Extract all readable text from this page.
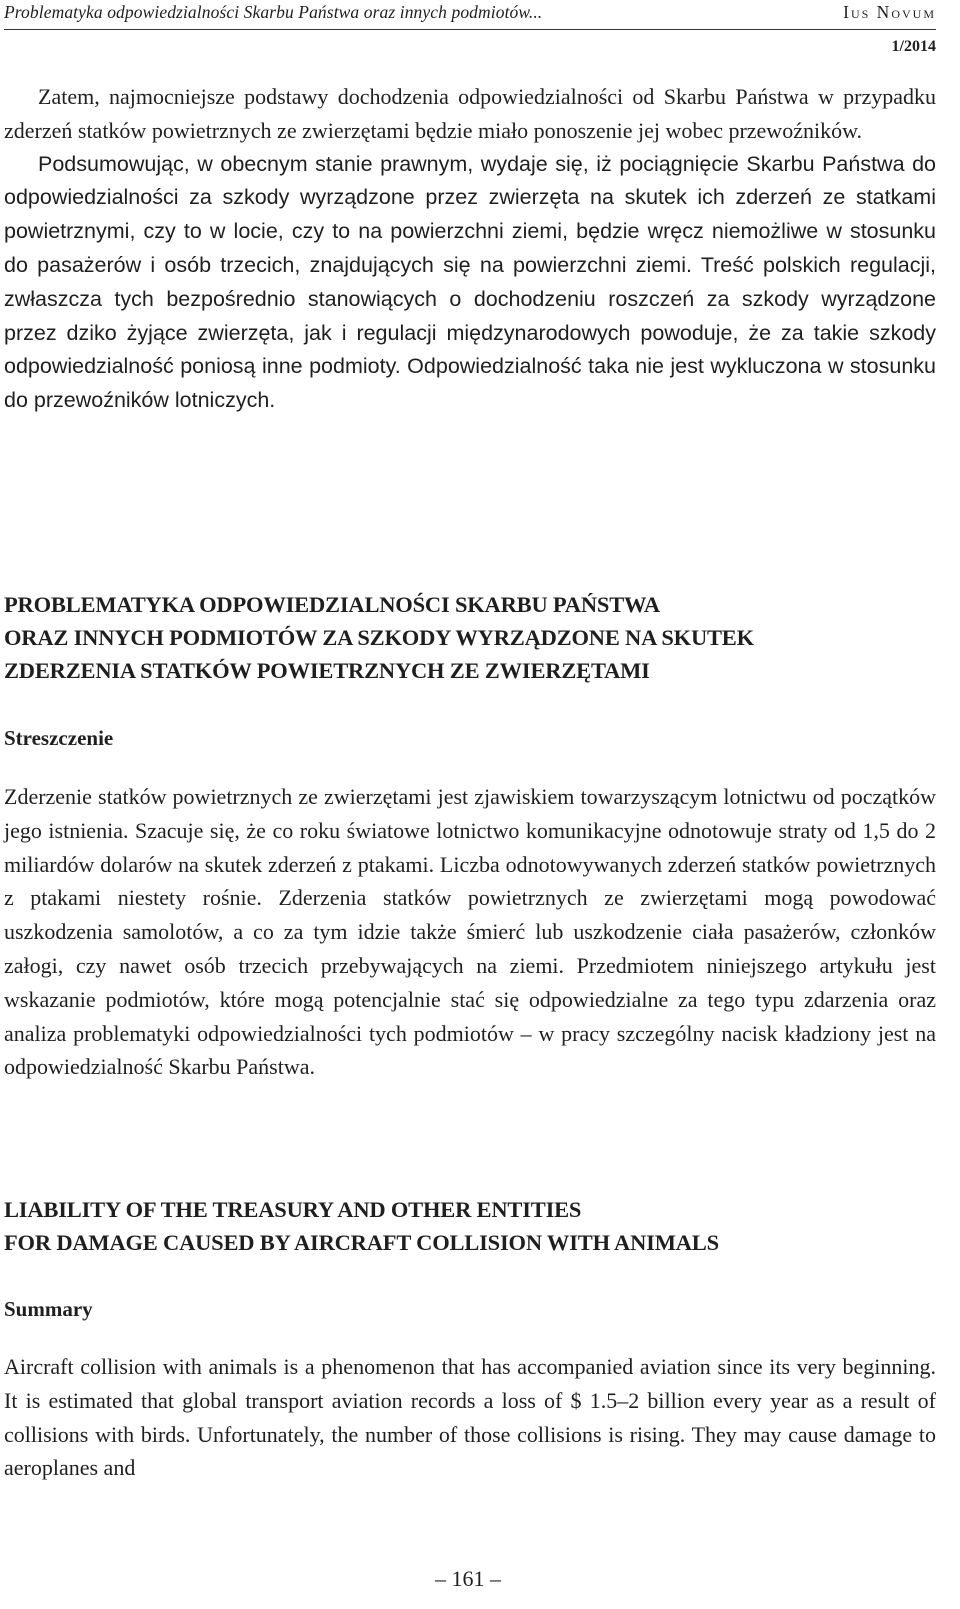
Problematyka odpowiedzialności Skarbu Państwa oraz innych podmiotów...	Ius Novum
1/2014

Zatem, najmocniejsze podstawy dochodzenia odpowiedzialności od Skarbu Państwa w przypadku zderzeń statków powietrznych ze zwierzętami będzie miało ponoszenie jej wobec przewoźników.

Podsumowując, w obecnym stanie prawnym, wydaje się, iż pociągnięcie Skarbu Państwa do odpowiedzialności za szkody wyrządzone przez zwierzęta na skutek ich zderzeń ze statkami powietrznymi, czy to w locie, czy to na powierzchni ziemi, będzie wręcz niemożliwe w stosunku do pasażerów i osób trzecich, znajdujących się na powierzchni ziemi. Treść polskich regulacji, zwłaszcza tych bezpośrednio stanowiących o dochodzeniu roszczeń za szkody wyrządzone przez dziko żyjące zwierzęta, jak i regulacji międzynarodowych powoduje, że za takie szkody odpowiedzialność poniosą inne podmioty. Odpowiedzialność taka nie jest wykluczona w stosunku do przewoźników lotniczych.

PROBLEMATYKA ODPOWIEDZIALNOŚCI SKARBU PAŃSTWA
ORAZ INNYCH PODMIOTÓW ZA SZKODY WYRZĄDZONE NA SKUTEK
ZDERZENIA STATKÓW POWIETRZNYCH ZE ZWIERZĘTAMI
Streszczenie

Zderzenie statków powietrznych ze zwierzętami jest zjawiskiem towarzyszącym lotnictwu od początków jego istnienia. Szacuje się, że co roku światowe lotnictwo komunikacyjne odnotowuje straty od 1,5 do 2 miliardów dolarów na skutek zderzeń z ptakami. Liczba odnotowywanych zderzeń statków powietrznych z ptakami niestety rośnie. Zderzenia statków powietrznych ze zwierzętami mogą powodować uszkodzenia samolotów, a co za tym idzie także śmierć lub uszkodzenie ciała pasażerów, członków załogi, czy nawet osób trzecich przebywających na ziemi. Przedmiotem niniejszego artykułu jest wskazanie podmiotów, które mogą potencjalnie stać się odpowiedzialne za tego typu zdarzenia oraz analiza problematyki odpowiedzialności tych podmiotów – w pracy szczególny nacisk kładziony jest na odpowiedzialność Skarbu Państwa.

LIABILITY OF THE TREASURY AND OTHER ENTITIES
FOR DAMAGE CAUSED BY AIRCRAFT COLLISION WITH ANIMALS
Summary

Aircraft collision with animals is a phenomenon that has accompanied aviation since its very beginning. It is estimated that global transport aviation records a loss of $ 1.5–2 billion every year as a result of collisions with birds. Unfortunately, the number of those collisions is rising. They may cause damage to aeroplanes and

– 161 –
